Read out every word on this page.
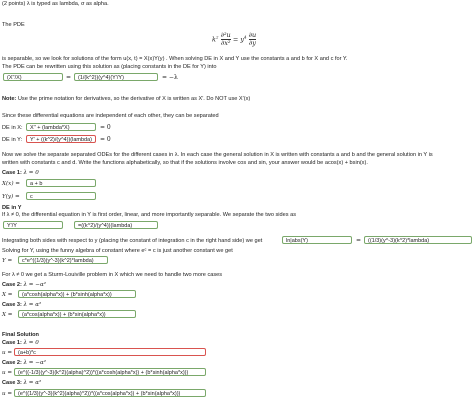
(2 points) λ is typed as lambda, σ as alpha.
The PDE
$k^2 \frac{\text{∂²u}}{\text{∂x²}} = y^4 \frac{\partial u}{\partial y}$
is separable, so we look for solutions of the form u(x, t) = X(x)Y(y) . When solving DE in X and Y use the constants a and b for X and c for Y.
The PDE can be rewritten using this solution as (placing constants in the DE for Y) into
(X''/X)	=	(1/(k^2))(y^4)(Y'/Y)	= −λ
Note: Use the prime notation for derivatives, so the derivative of X is written as X′. Do NOT use X′(x)
Since these differential equations are independent of each other, they can be separated
DE in X:	X'' + (lambda*X)	= 0
DE in Y:	Y' + ((k^2)/(y^4))(lambda)	= 0
Now we solve the separate separated ODEs for the different cases in λ. In each case the general solution in X is written with constants a and b and the general solution in Y is
written with constants c and d. Write the functions alphabetically, so that if the solutions involve cos and sin, your answer would be acos(x) + bsin(x).
Case 1: λ = 0
X(x) =	a + b
Y(y) =	c
DE in Y
If λ ≠ 0, the differential equation in Y is first order, linear, and more importantly separable. We separate the two sides as
Y'/Y	=((k^2)/(y^4))(lambda)
Integrating both sides with respect to y (placing the constant of integration c in the right hand side) we get	ln|abs(Y)	=	((1/3)(y^-3)(k^2)*lambda)
Solving for Y, using the funny algebra of constant where eᶜ = c is just another constant we get
Y =	c*e^((1/3)(y^-3)(k^2)*lambda)
For λ ≠ 0 we get a Sturm-Louiville problem in X which we need to handle two more cases
Case 2: λ = −α²
X =	(a*cosh(alpha*x)) + (b*sinh(alpha*x))
Case 3: λ = α²
X =	(a*cos(alpha*x)) + (b*sin(alpha*x))
Final Solution
Case 1: λ = 0
u =	(a+b)*c
Case 2: λ = −α²
u =	(e^((-1/3)(y^-3)(k^2)(alpha)^2))*((a*cosh(alpha*x)) + (b*sinh(alpha*x)))
Case 3: λ = α²
u =	(e^((1/3)(y^-3)(k^2)(alpha)^2))*((a*cos(alpha*x)) + (b*sin(alpha*x)))
